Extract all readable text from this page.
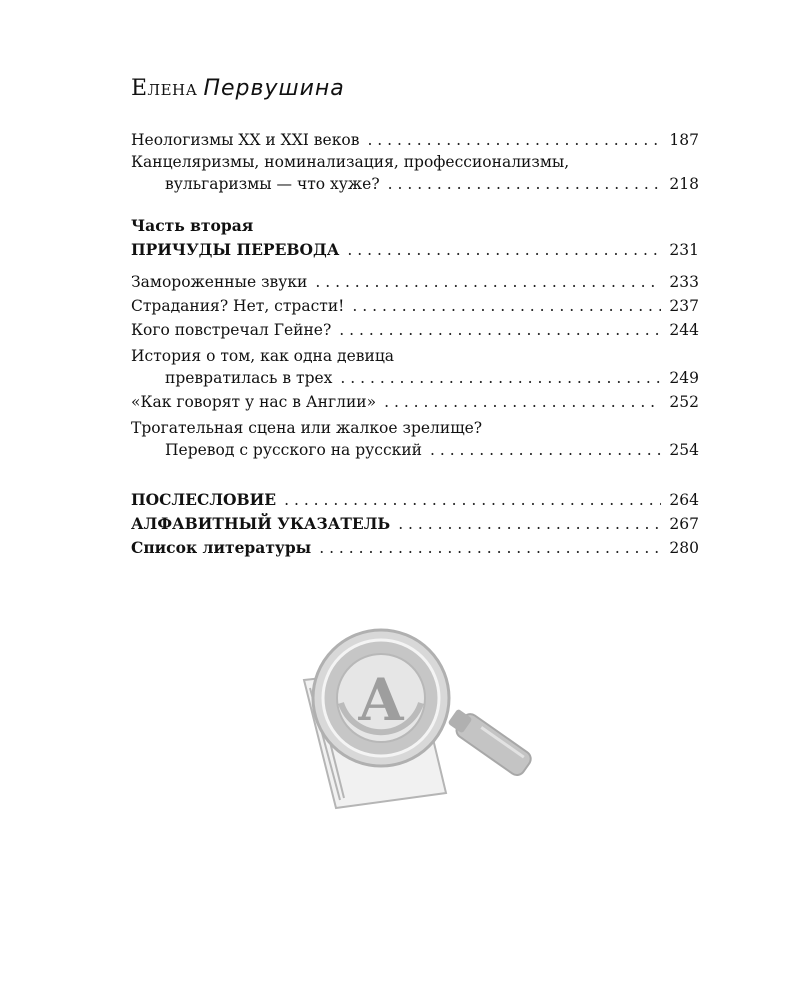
Елена Первушина
Неологизмы XX и XXI веков . . .	187
Канцеляризмы, номинализация, профессионализмы,
вульгаризмы — что хуже? . . .	218
Часть вторая
ПРИЧУДЫ ПЕРЕВОДА . . .	231
Замороженные звуки . . .	233
Страдания? Нет, страсти! . . .	237
Кого повстречал Гейне? . . .	244
История о том, как одна девица
превратилась в трех . . .	249
«Как говорят у нас в Англии» . . .	252
Трогательная сцена или жалкое зрелище?
Перевод с русского на русский . . .	254
ПОСЛЕСЛОВИЕ . . .	264
АЛФАВИТНЫЙ УКАЗАТЕЛЬ . . .	267
Список литературы . . .	280
A
